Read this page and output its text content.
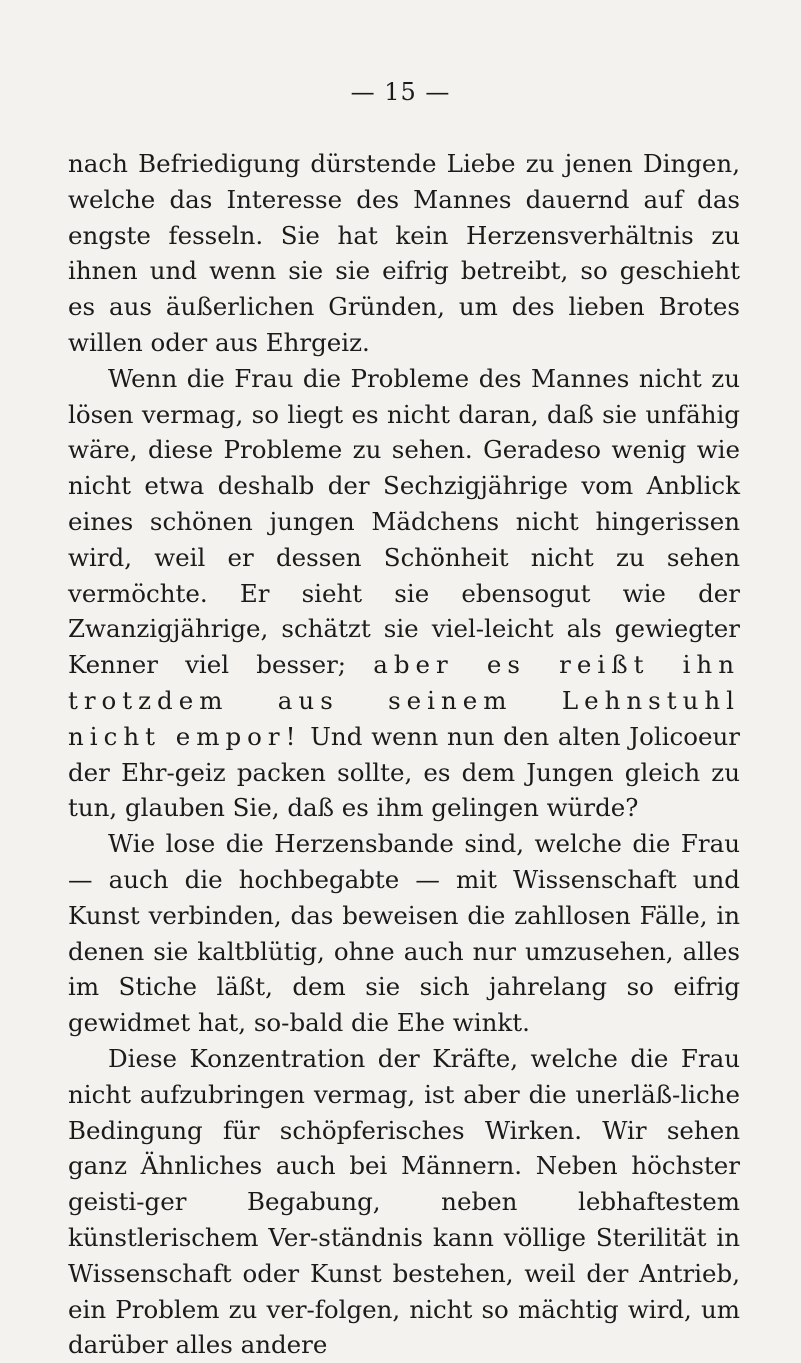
— 15 —

nach Befriedigung dürstende Liebe zu jenen Dingen, welche das Interesse des Mannes dauernd auf das engste fesseln. Sie hat kein Herzensverhältnis zu ihnen und wenn sie sie eifrig betreibt, so geschieht es aus äußerlichen Gründen, um des lieben Brotes willen oder aus Ehrgeiz.

Wenn die Frau die Probleme des Mannes nicht zu lösen vermag, so liegt es nicht daran, daß sie unfähig wäre, diese Probleme zu sehen. Geradeso wenig wie nicht etwa deshalb der Sechzigjährige vom Anblick eines schönen jungen Mädchens nicht hingerissen wird, weil er dessen Schönheit nicht zu sehen vermöchte. Er sieht sie ebensogut wie der Zwanzigjährige, schätzt sie viel-leicht als gewiegter Kenner viel besser; aber es reißt ihn trotzdem aus seinem Lehnstuhl nicht empor! Und wenn nun den alten Jolicoeur der Ehr-geiz packen sollte, es dem Jungen gleich zu tun, glauben Sie, daß es ihm gelingen würde?

Wie lose die Herzensbande sind, welche die Frau — auch die hochbegabte — mit Wissenschaft und Kunst verbinden, das beweisen die zahllosen Fälle, in denen sie kaltblütig, ohne auch nur umzusehen, alles im Stiche läßt, dem sie sich jahrelang so eifrig gewidmet hat, so-bald die Ehe winkt.

Diese Konzentration der Kräfte, welche die Frau nicht aufzubringen vermag, ist aber die unerläß-liche Bedingung für schöpferisches Wirken. Wir sehen ganz Ähnliches auch bei Männern. Neben höchster geisti-ger Begabung, neben lebhaftestem künstlerischem Ver-ständnis kann völlige Sterilität in Wissenschaft oder Kunst bestehen, weil der Antrieb, ein Problem zu ver-folgen, nicht so mächtig wird, um darüber alles andere
